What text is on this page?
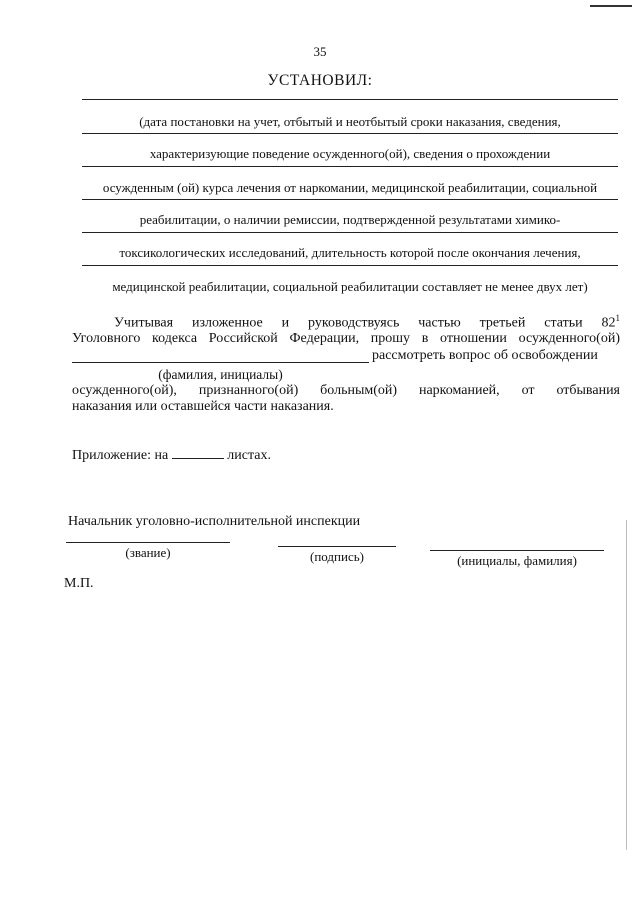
35
УСТАНОВИЛ:
(дата постановки на учет, отбытый и неотбытый сроки наказания, сведения,
характеризующие поведение осужденного(ой), сведения о прохождении
осужденным (ой) курса лечения от наркомании, медицинской реабилитации, социальной
реабилитации, о наличии ремиссии, подтвержденной результатами химико-
токсикологических исследований, длительность которой после окончания лечения,
медицинской реабилитации, социальной реабилитации составляет не менее двух лет)
Учитывая изложенное и руководствуясь частью третьей статьи $82^1$
Уголовного кодекса Российской Федерации, прошу в отношении осужденного(ой)
рассмотреть вопрос об освобождении
(фамилия, инициалы)
осужденного(ой), признанного(ой) больным(ой) наркоманией, от отбывания
наказания или оставшейся части наказания.
Приложение: на	листах.
Начальник уголовно-исполнительной инспекции
(звание)	(подпись)	(инициалы, фамилия)
М.П.
